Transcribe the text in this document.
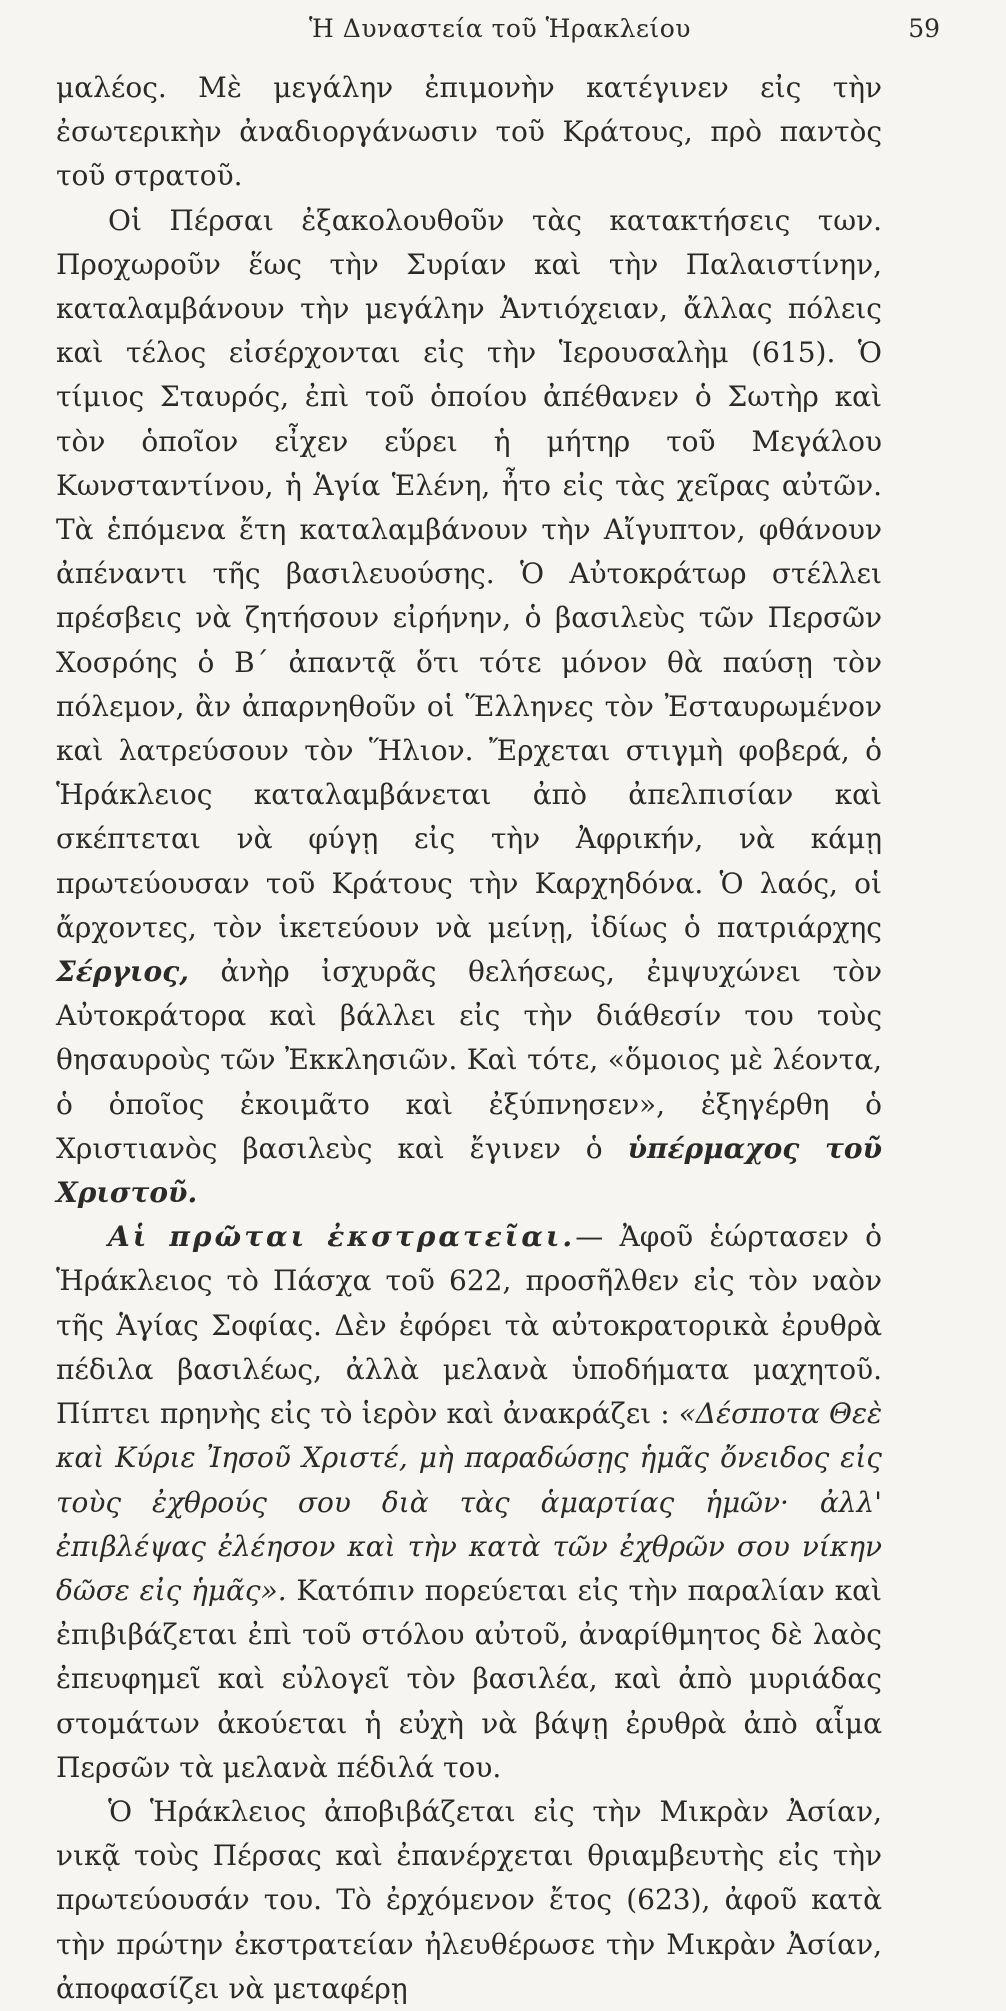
Ἡ Δυναστεία τοῦ Ἡρακλείου	59

μαλέος. Μὲ μεγάλην ἐπιμονὴν κατέγινεν εἰς τὴν ἐσωτερικὴν ἀναδιοργάνωσιν τοῦ Κράτους, πρὸ παντὸς τοῦ στρατοῦ.

Οἱ Πέρσαι ἐξακολουθοῦν τὰς κατακτήσεις των. Προχωροῦν ἕως τὴν Συρίαν καὶ τὴν Παλαιστίνην, καταλαμβάνουν τὴν μεγάλην Ἀντιόχειαν, ἄλλας πόλεις καὶ τέλος εἰσέρχονται εἰς τὴν Ἱερουσαλὴμ (615). Ὁ τίμιος Σταυρός, ἐπὶ τοῦ ὁποίου ἀπέθανεν ὁ Σωτὴρ καὶ τὸν ὁποῖον εἶχεν εὕρει ἡ μήτηρ τοῦ Μεγάλου Κωνσταντίνου, ἡ Ἁγία Ἑλένη, ἦτο εἰς τὰς χεῖρας αὐτῶν. Τὰ ἑπόμενα ἔτη καταλαμβάνουν τὴν Αἴγυπτον, φθάνουν ἀπέναντι τῆς βασιλευούσης. Ὁ Αὐτοκράτωρ στέλλει πρέσβεις νὰ ζητήσουν εἰρήνην, ὁ βασιλεὺς τῶν Περσῶν Χοσρόης ὁ Β΄ ἀπαντᾷ ὅτι τότε μόνον θὰ παύσῃ τὸν πόλεμον, ἂν ἀπαρνηθοῦν οἱ Ἕλληνες τὸν Ἐσταυρωμένον καὶ λατρεύσουν τὸν Ἥλιον. Ἔρχεται στιγμὴ φοβερά, ὁ Ἡράκλειος καταλαμβάνεται ἀπὸ ἀπελπισίαν καὶ σκέπτεται νὰ φύγῃ εἰς τὴν Ἀφρικήν, νὰ κάμῃ πρωτεύουσαν τοῦ Κράτους τὴν Καρχηδόνα. Ὁ λαός, οἱ ἄρχοντες, τὸν ἱκετεύουν νὰ μείνῃ, ἰδίως ὁ πατριάρχης Σέργιος, ἀνὴρ ἰσχυρᾶς θελήσεως, ἐμψυχώνει τὸν Αὐτοκράτορα καὶ βάλλει εἰς τὴν διάθεσίν του τοὺς θησαυροὺς τῶν Ἐκκλησιῶν. Καὶ τότε, «ὅμοιος μὲ λέοντα, ὁ ὁποῖος ἐκοιμᾶτο καὶ ἐξύπνησεν», ἐξηγέρθη ὁ Χριστιανὸς βασιλεὺς καὶ ἔγινεν ὁ ὑπέρμαχος τοῦ Χριστοῦ.

Αἱ πρῶται ἐκστρατεῖαι.— Ἀφοῦ ἑώρτασεν ὁ Ἡράκλειος τὸ Πάσχα τοῦ 622, προσῆλθεν εἰς τὸν ναὸν τῆς Ἁγίας Σοφίας. Δὲν ἐφόρει τὰ αὐτοκρατορικὰ ἐρυθρὰ πέδιλα βασιλέως, ἀλλὰ μελανὰ ὑποδήματα μαχητοῦ. Πίπτει πρηνὴς εἰς τὸ ἱερὸν καὶ ἀνακράζει : «Δέσποτα Θεὲ καὶ Κύριε Ἰησοῦ Χριστέ, μὴ παραδώσῃς ἡμᾶς ὄνειδος εἰς τοὺς ἐχθρούς σου διὰ τὰς ἁμαρτίας ἡμῶν· ἀλλ' ἐπιβλέψας ἐλέησον καὶ τὴν κατὰ τῶν ἐχθρῶν σου νίκην δῶσε εἰς ἡμᾶς». Κατόπιν πορεύεται εἰς τὴν παραλίαν καὶ ἐπιβιβάζεται ἐπὶ τοῦ στόλου αὐτοῦ, ἀναρίθμητος δὲ λαὸς ἐπευφημεῖ καὶ εὐλογεῖ τὸν βασιλέα, καὶ ἀπὸ μυριάδας στομάτων ἀκούεται ἡ εὐχὴ νὰ βάψῃ ἐρυθρὰ ἀπὸ αἷμα Περσῶν τὰ μελανὰ πέδιλά του.

Ὁ Ἡράκλειος ἀποβιβάζεται εἰς τὴν Μικρὰν Ἀσίαν, νικᾷ τοὺς Πέρσας καὶ ἐπανέρχεται θριαμβευτὴς εἰς τὴν πρωτεύουσάν του. Τὸ ἐρχόμενον ἔτος (623), ἀφοῦ κατὰ τὴν πρώτην ἐκστρατείαν ἠλευθέρωσε τὴν Μικρὰν Ἀσίαν, ἀποφασίζει νὰ μεταφέρῃ
